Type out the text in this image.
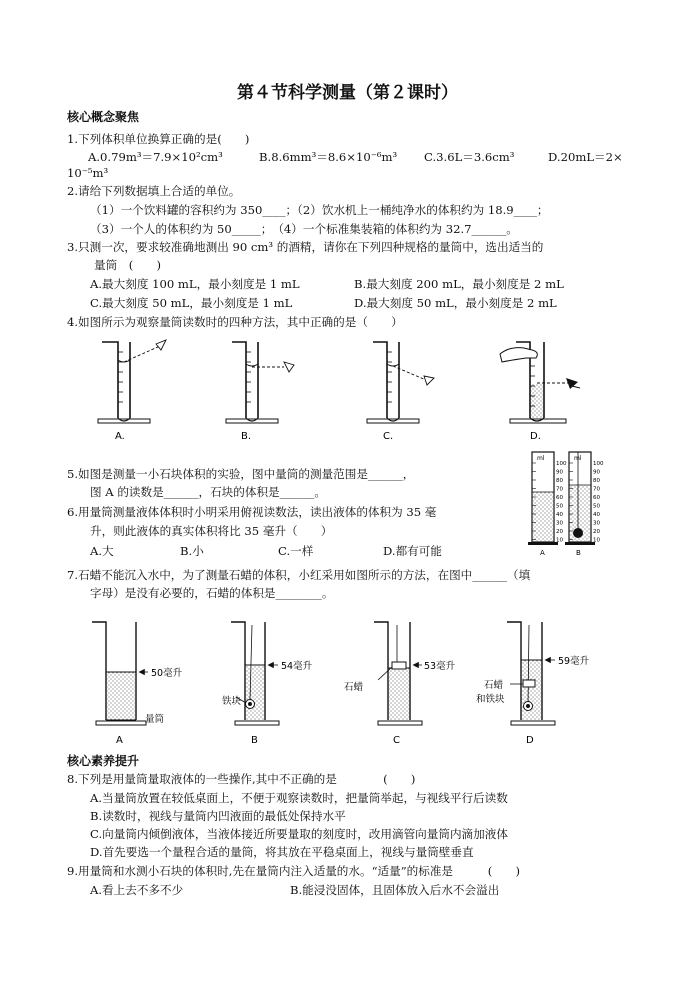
第４节科学测量（第２课时）
核心概念聚焦
1.下列体积单位换算正确的是(　　)
A.0.79m³＝7.9×10²cm³	B.8.6mm³＝8.6×10⁻⁶m³ C.3.6L＝3.6cm³	D.20mL＝2×
10⁻⁵m³
2.请给下列数据填上合适的单位。
（1）一个饮料罐的容积约为 350____；（2）饮水机上一桶纯净水的体积约为 18.9____；
（3）一个人的体积约为 50_____；　（4）一个标准集装箱的体积约为 32.7______。
3.只测一次，要求较准确地测出 90 cm³ 的酒精，请你在下列四种规格的量筒中，选出适当的
量筒　(　　)
A.最大刻度 100 mL，最小刻度是 1 mL	B.最大刻度 200 mL，最小刻度是 2 mL
C.最大刻度 50 mL，最小刻度是 1 mL	D.最大刻度 50 mL，最小刻度是 2 mL
4.如图所示为观察量筒读数时的四种方法，其中正确的是（　　）
5.如图是测量一小石块体积的实验，图中量筒的测量范围是______，
图 A 的读数是______，石块的体积是______。
6.用量筒测量液体体积时小明采用俯视读数法，读出液体的体积为 35 毫
升，则此液体的真实体积将比 35 毫升（　　）
A.大	B.小	C.一样	D.都有可能
7.石蜡不能沉入水中，为了测量石蜡的体积，小红采用如图所示的方法，在图中______（填
字母）是没有必要的，石蜡的体积是________。
核心素养提升
8.下列是用量筒量取液体的一些操作,其中不正确的是　　　　(　　)
A.当量筒放置在较低桌面上，不便于观察读数时，把量筒举起，与视线平行后读数
B.读数时，视线与量筒内凹液面的最低处保持水平
C.向量筒内倾倒液体，当液体接近所要量取的刻度时，改用滴管向量筒内滴加液体
D.首先要选一个量程合适的量筒，将其放在平稳桌面上，视线与量筒壁垂直
9.用量筒和水测小石块的体积时,先在量筒内注入适量的水。“适量”的标准是　　　(　　)
A.看上去不多不少	B.能浸没固体，且固体放入后水不会溢出
A.	B.	C.	D.
ml
100
90
80
70
60
50
40
30
20
10
ml
100
90
80
70
60
50
40
30
20
10
A	B
50毫升
量筒
54毫升
铁块
53毫升
石蜡
59毫升
石蜡
和铁块
A	B	C	D
